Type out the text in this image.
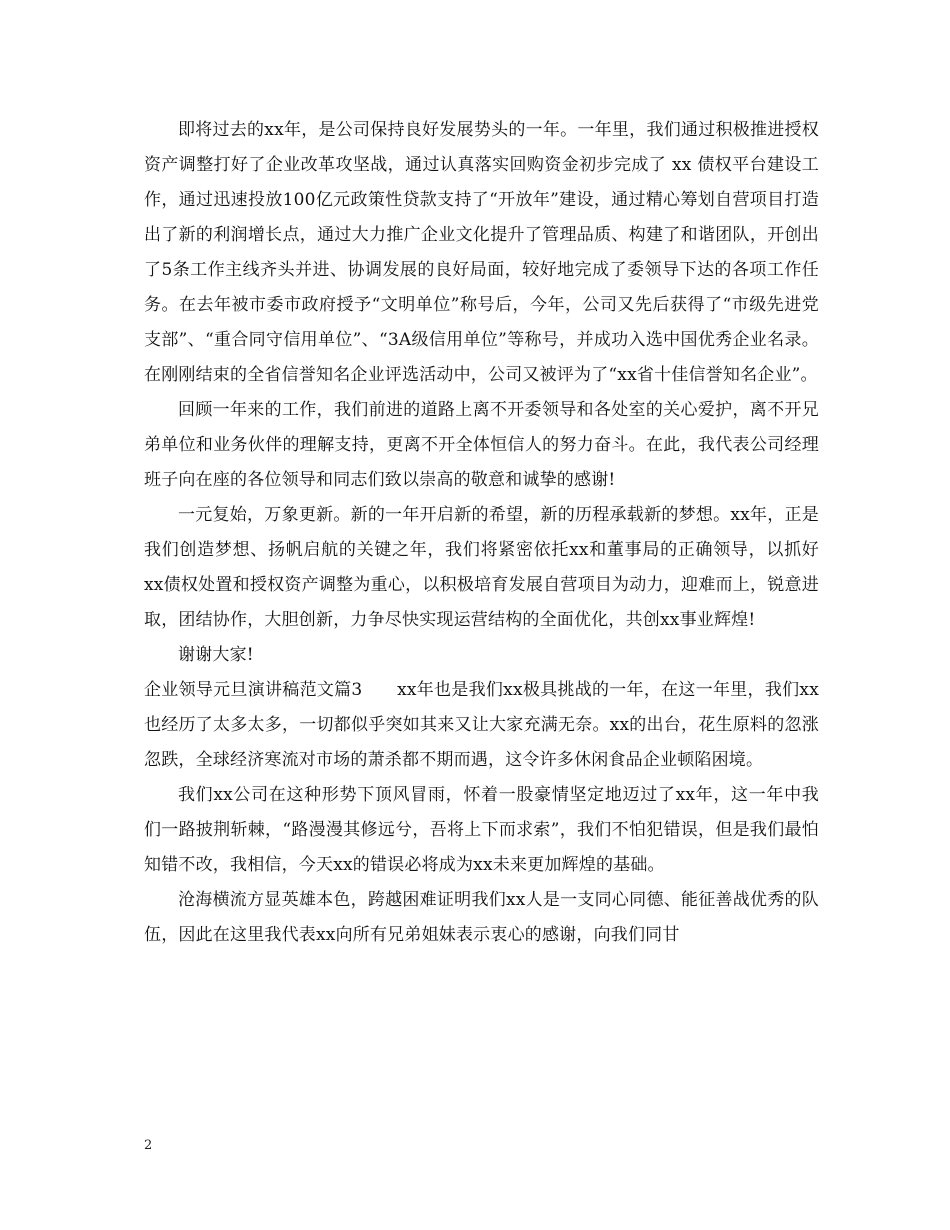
即将过去的xx年，是公司保持良好发展势头的一年。一年里，我们通过积极推进授权资产调整打好了企业改革攻坚战，通过认真落实回购资金初步完成了 xx 债权平台建设工作，通过迅速投放100亿元政策性贷款支持了“开放年”建设，通过精心筹划自营项目打造出了新的利润增长点，通过大力推广企业文化提升了管理品质、构建了和谐团队，开创出了5条工作主线齐头并进、协调发展的良好局面，较好地完成了委领导下达的各项工作任务。在去年被市委市政府授予“文明单位”称号后，今年，公司又先后获得了“市级先进党支部”、“重合同守信用单位”、“3A级信用单位”等称号，并成功入选中国优秀企业名录。在刚刚结束的全省信誉知名企业评选活动中，公司又被评为了“xx省十佳信誉知名企业”。

回顾一年来的工作，我们前进的道路上离不开委领导和各处室的关心爱护，离不开兄弟单位和业务伙伴的理解支持，更离不开全体恒信人的努力奋斗。在此，我代表公司经理班子向在座的各位领导和同志们致以崇高的敬意和诚挚的感谢!

一元复始，万象更新。新的一年开启新的希望，新的历程承载新的梦想。xx年，正是我们创造梦想、扬帆启航的关键之年，我们将紧密依托xx和董事局的正确领导，以抓好xx债权处置和授权资产调整为重心，以积极培育发展自营项目为动力，迎难而上，锐意进取，团结协作，大胆创新，力争尽快实现运营结构的全面优化，共创xx事业辉煌!

谢谢大家!

企业领导元旦演讲稿范文篇3　　xx年也是我们xx极具挑战的一年，在这一年里，我们xx也经历了太多太多，一切都似乎突如其来又让大家充满无奈。xx的出台，花生原料的忽涨忽跌，全球经济寒流对市场的萧杀都不期而遇，这令许多休闲食品企业顿陷困境。

我们xx公司在这种形势下顶风冒雨，怀着一股豪情坚定地迈过了xx年，这一年中我们一路披荆斩棘，“路漫漫其修远兮，吾将上下而求索”，我们不怕犯错误，但是我们最怕知错不改，我相信，今天xx的错误必将成为xx未来更加辉煌的基础。

沧海横流方显英雄本色，跨越困难证明我们xx人是一支同心同德、能征善战优秀的队伍，因此在这里我代表xx向所有兄弟姐妹表示衷心的感谢，向我们同甘

2
